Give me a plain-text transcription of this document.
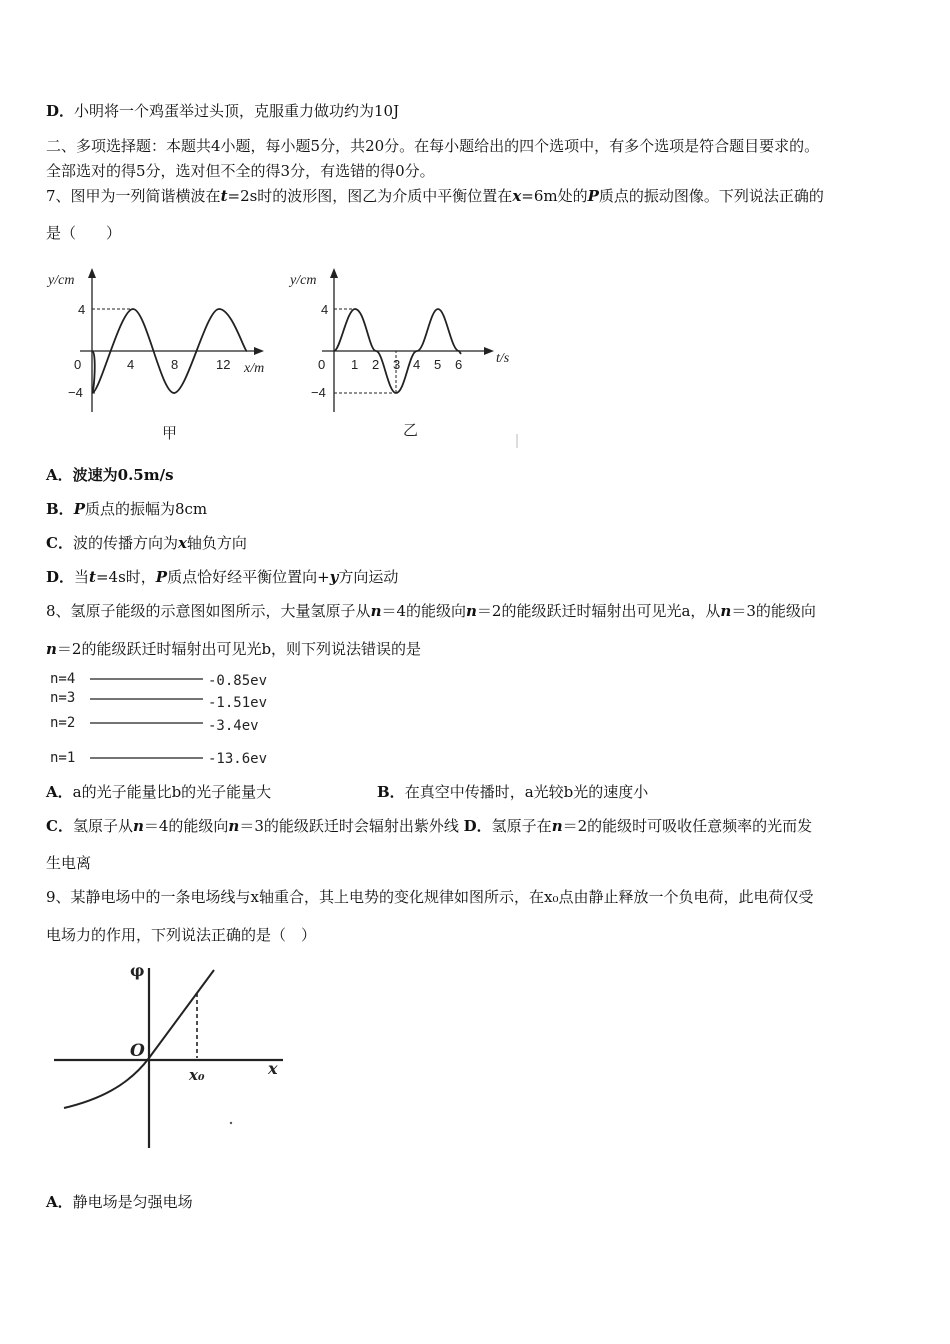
D．小明将一个鸡蛋举过头顶，克服重力做功约为10J
二、多项选择题：本题共4小题，每小题5分，共20分。在每小题给出的四个选项中，有多个选项是符合题目要求的。
全部选对的得5分，选对但不全的得3分，有选错的得0分。
7、图甲为一列简谐横波在t=2s时的波形图，图乙为介质中平衡位置在x=6m处的P质点的振动图像。下列说法正确的
是（　　）
y/cm
4
0
−4
4	8	12 x/m
甲
y/cm
4
0
−4
1 2 3 4 5 6 t/s
乙
A．波速为0.5m/s
B．P质点的振幅为8cm
C．波的传播方向为x轴负方向
D．当t=4s时，P质点恰好经平衡位置向+y方向运动
8、氢原子能级的示意图如图所示，大量氢原子从n＝4的能级向n＝2的能级跃迁时辐射出可见光a，从n＝3的能级向
n＝2的能级跃迁时辐射出可见光b，则下列说法错误的是
n=4	-0.85ev
n=3	-1.51ev
n=2	-3.4ev
n=1	-13.6ev
A．a的光子能量比b的光子能量大	B．在真空中传播时，a光较b光的速度小
C．氢原子从n＝4的能级向n＝3的能级跃迁时会辐射出紫外线 D．氢原子在n＝2的能级时可吸收任意频率的光而发
生电离
9、某静电场中的一条电场线与x轴重合，其上电势的变化规律如图所示，在x₀点由静止释放一个负电荷，此电荷仅受
电场力的作用，下列说法正确的是（　）
φ
O
x₀	x
A．静电场是匀强电场
